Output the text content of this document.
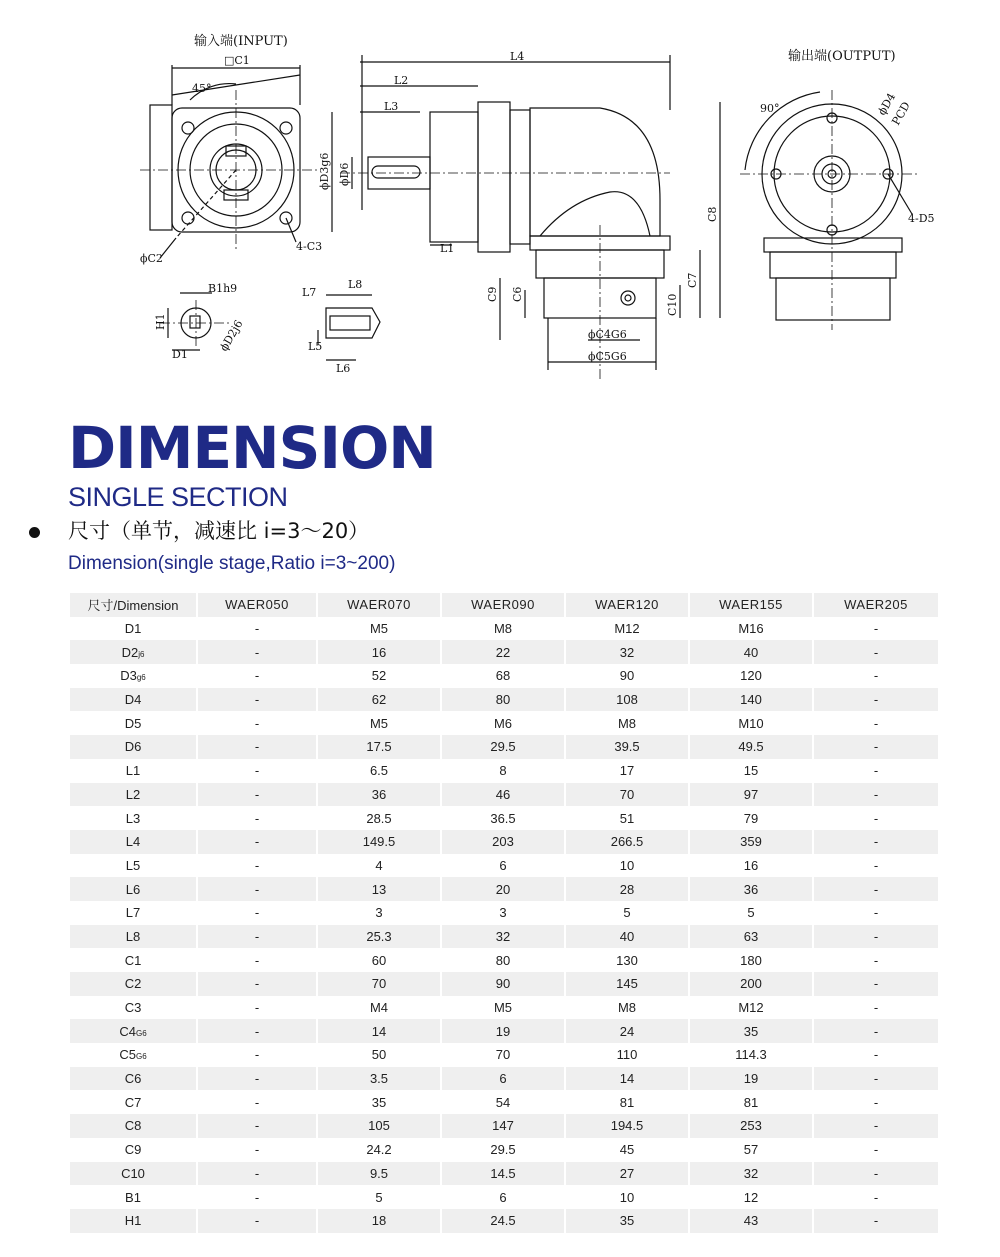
输入端(INPUT)
输出端(OUTPUT)
□C1
45°
ϕC2
4-C3
ϕD3g6 ϕD6
L4
L2
L3
L1
C8
C7
C10
C9 C6
ϕC4G6
ϕC5G6
90°	ϕD4
PCD
4-D5
B1h9
H1
D1
ϕD2j6
L7
L8
L5
L6
DIMENSION
SINGLE SECTION
尺寸（单节，减速比 i=3～20）
Dimension(single stage,Ratio i=3~200)
尺寸/Dimension	WAER050	WAER070	WAER090	WAER120	WAER155	WAER205
D1	-	M5	M8	M12	M16	-
D2j6	-	16	22	32	40	-
D3g6	-	52	68	90	120	-
D4	-	62	80	108	140	-
D5	-	M5	M6	M8	M10	-
D6	-	17.5	29.5	39.5	49.5	-
L1	-	6.5	8	17	15	-
L2	-	36	46	70	97	-
L3	-	28.5	36.5	51	79	-
L4	-	149.5	203	266.5	359	-
L5	-	4	6	10	16	-
L6	-	13	20	28	36	-
L7	-	3	3	5	5	-
L8	-	25.3	32	40	63	-
C1	-	60	80	130	180	-
C2	-	70	90	145	200	-
C3	-	M4	M5	M8	M12	-
C4G6	-	14	19	24	35	-
C5G6	-	50	70	110	114.3	-
C6	-	3.5	6	14	19	-
C7	-	35	54	81	81	-
C8	-	105	147	194.5	253	-
C9	-	24.2	29.5	45	57	-
C10	-	9.5	14.5	27	32	-
B1	-	5	6	10	12	-
H1	-	18	24.5	35	43	-
